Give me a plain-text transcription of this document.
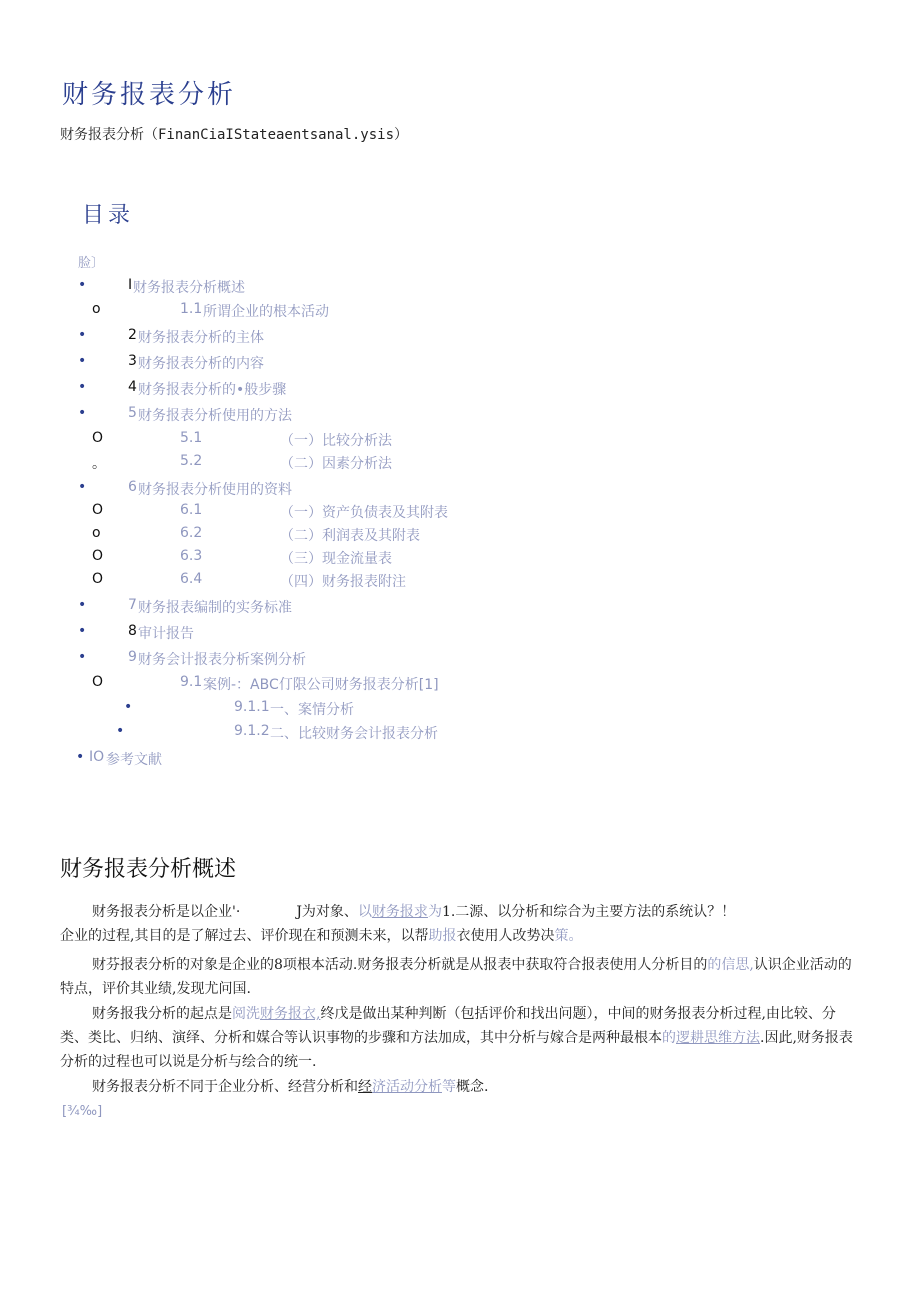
财务报表分析
财务报表分析（FinanCiaIStateaentsanal.ysis）
目录
脸〕
•	I 财务报表分析概述
o	1.1 所谓企业的根本活动
•	2 财务报表分析的主体
•	3 财务报表分析的内容
•	4 财务报表分析的•般步骤
•	5 财务报表分析使用的方法
O	5.1	（一）比较分析法
。	5.2	（二）因素分析法
•	6 财务报表分析使用的资料
O	6.1	（一）资产负债表及其附表
o	6.2	（二）利润表及其附表
O	6.3	（三）现金流量表
O	6.4	（四）财务报表附注
•	7 财务报表编制的实务标准
•	8 审计报告
•	9 财务会计报表分析案例分析
O	9.1 案例-：ABC仃限公司财务报表分析[1]
•	9.1.1 一、案情分析
•	9.1.2 二、比较财务会计报表分析
• IO 参考文献
财务报表分析概述
财务报表分析是以企业'·	J为对象、以财务报求为1.二源、以分析和综合为主要方法的系统认？！
企业的过程,其目的是了解过去、评价现在和预测未来，以帮助报衣使用人改势决策。
财芬报表分析的对象是企业的8项根本活动.财务报表分析就是从报表中获取符合报表使用人分析目的的信思,认识企业活动的特点，评价其业绩,发现尤问国.
财务报我分析的起点是阅洗财务报衣,终戊是做出某种判断（包括评价和找出问题），中间的财务报表分析过程,由比较、分类、类比、归纳、演绎、分析和媒合等认识事物的步骤和方法加成，其中分析与嫁合是两种最根本的逻耕思维方法.因此,财务报表分析的过程也可以说是分析与绘合的统一.
财务报表分析不同于企业分析、经营分析和经济活动分析等概念.
[¾‰]
